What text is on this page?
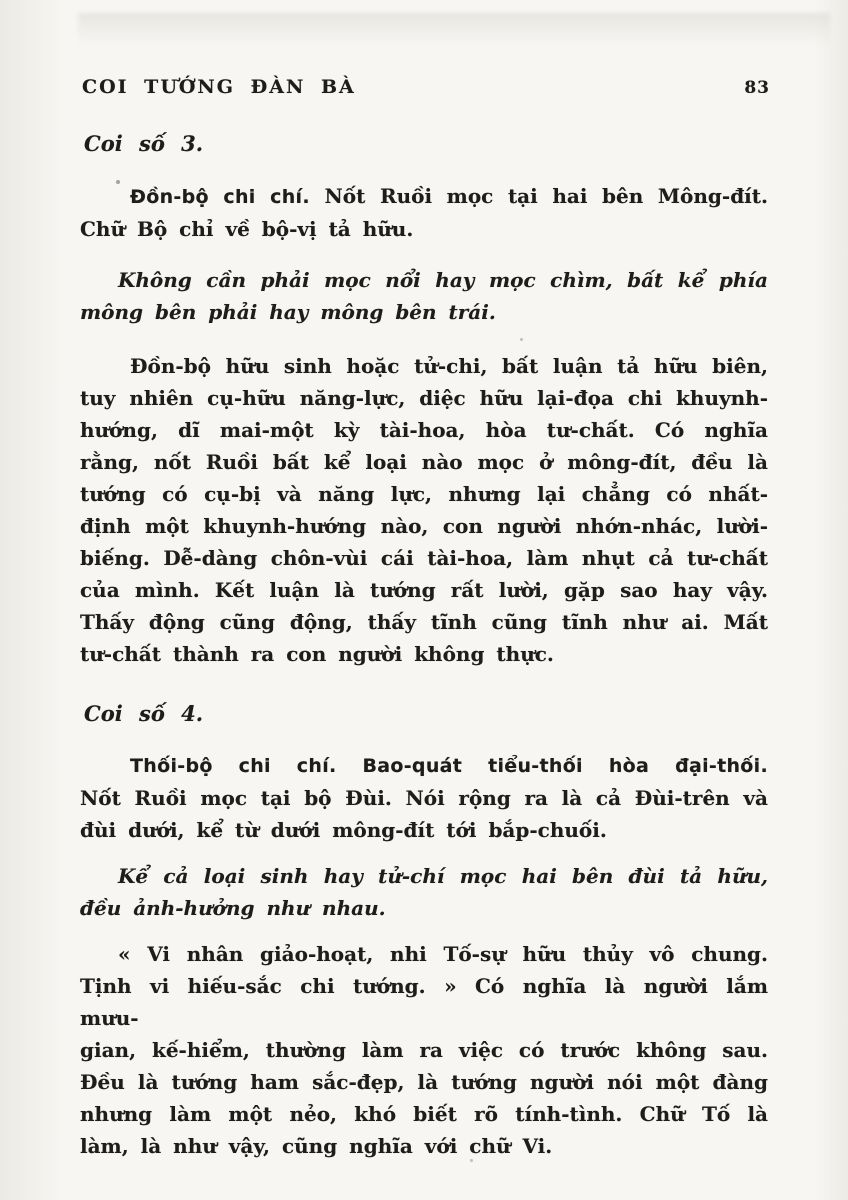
COI TƯỚNG ĐÀN BÀ	83
Coi số 3.
Đồn-bộ chi chí. Nốt Ruồi mọc tại hai bên Mông-đít.
Chữ Bộ chỉ về bộ-vị tả hữu.
Không cần phải mọc nổi hay mọc chìm, bất kể phía
mông bên phải hay mông bên trái.
Đồn-bộ hữu sinh hoặc tử-chi, bất luận tả hữu biên,
tuy nhiên cụ-hữu năng-lực, diệc hữu lại-đọa chi khuynh-
hướng, dĩ mai-một kỳ tài-hoa, hòa tư-chất. Có nghĩa
rằng, nốt Ruồi bất kể loại nào mọc ở mông-đít, đều là
tướng có cụ-bị và năng lực, nhưng lại chẳng có nhất-
định một khuynh-hướng nào, con người nhớn-nhác, lười-
biếng. Dễ-dàng chôn-vùi cái tài-hoa, làm nhụt cả tư-chất
của mình. Kết luận là tướng rất lười, gặp sao hay vậy.
Thấy động cũng động, thấy tĩnh cũng tĩnh như ai. Mất
tư-chất thành ra con người không thực.
Coi số 4.
Thối-bộ chi chí. Bao-quát tiểu-thối hòa đại-thối.
Nốt Ruồi mọc tại bộ Đùi. Nói rộng ra là cả Đùi-trên và
đùi dưới, kể từ dưới mông-đít tới bắp-chuối.
Kể cả loại sinh hay tử-chí mọc hai bên đùi tả hữu,
đều ảnh-hưởng như nhau.
« Vi nhân giảo-hoạt, nhi Tố-sự hữu thủy vô chung.
Tịnh vi hiếu-sắc chi tướng. » Có nghĩa là người lắm mưu-
gian, kế-hiểm, thường làm ra việc có trước không sau.
Đều là tướng ham sắc-đẹp, là tướng người nói một đàng
nhưng làm một nẻo, khó biết rõ tính-tình. Chữ Tố là
làm, là như vậy, cũng nghĩa với chữ Vi.
